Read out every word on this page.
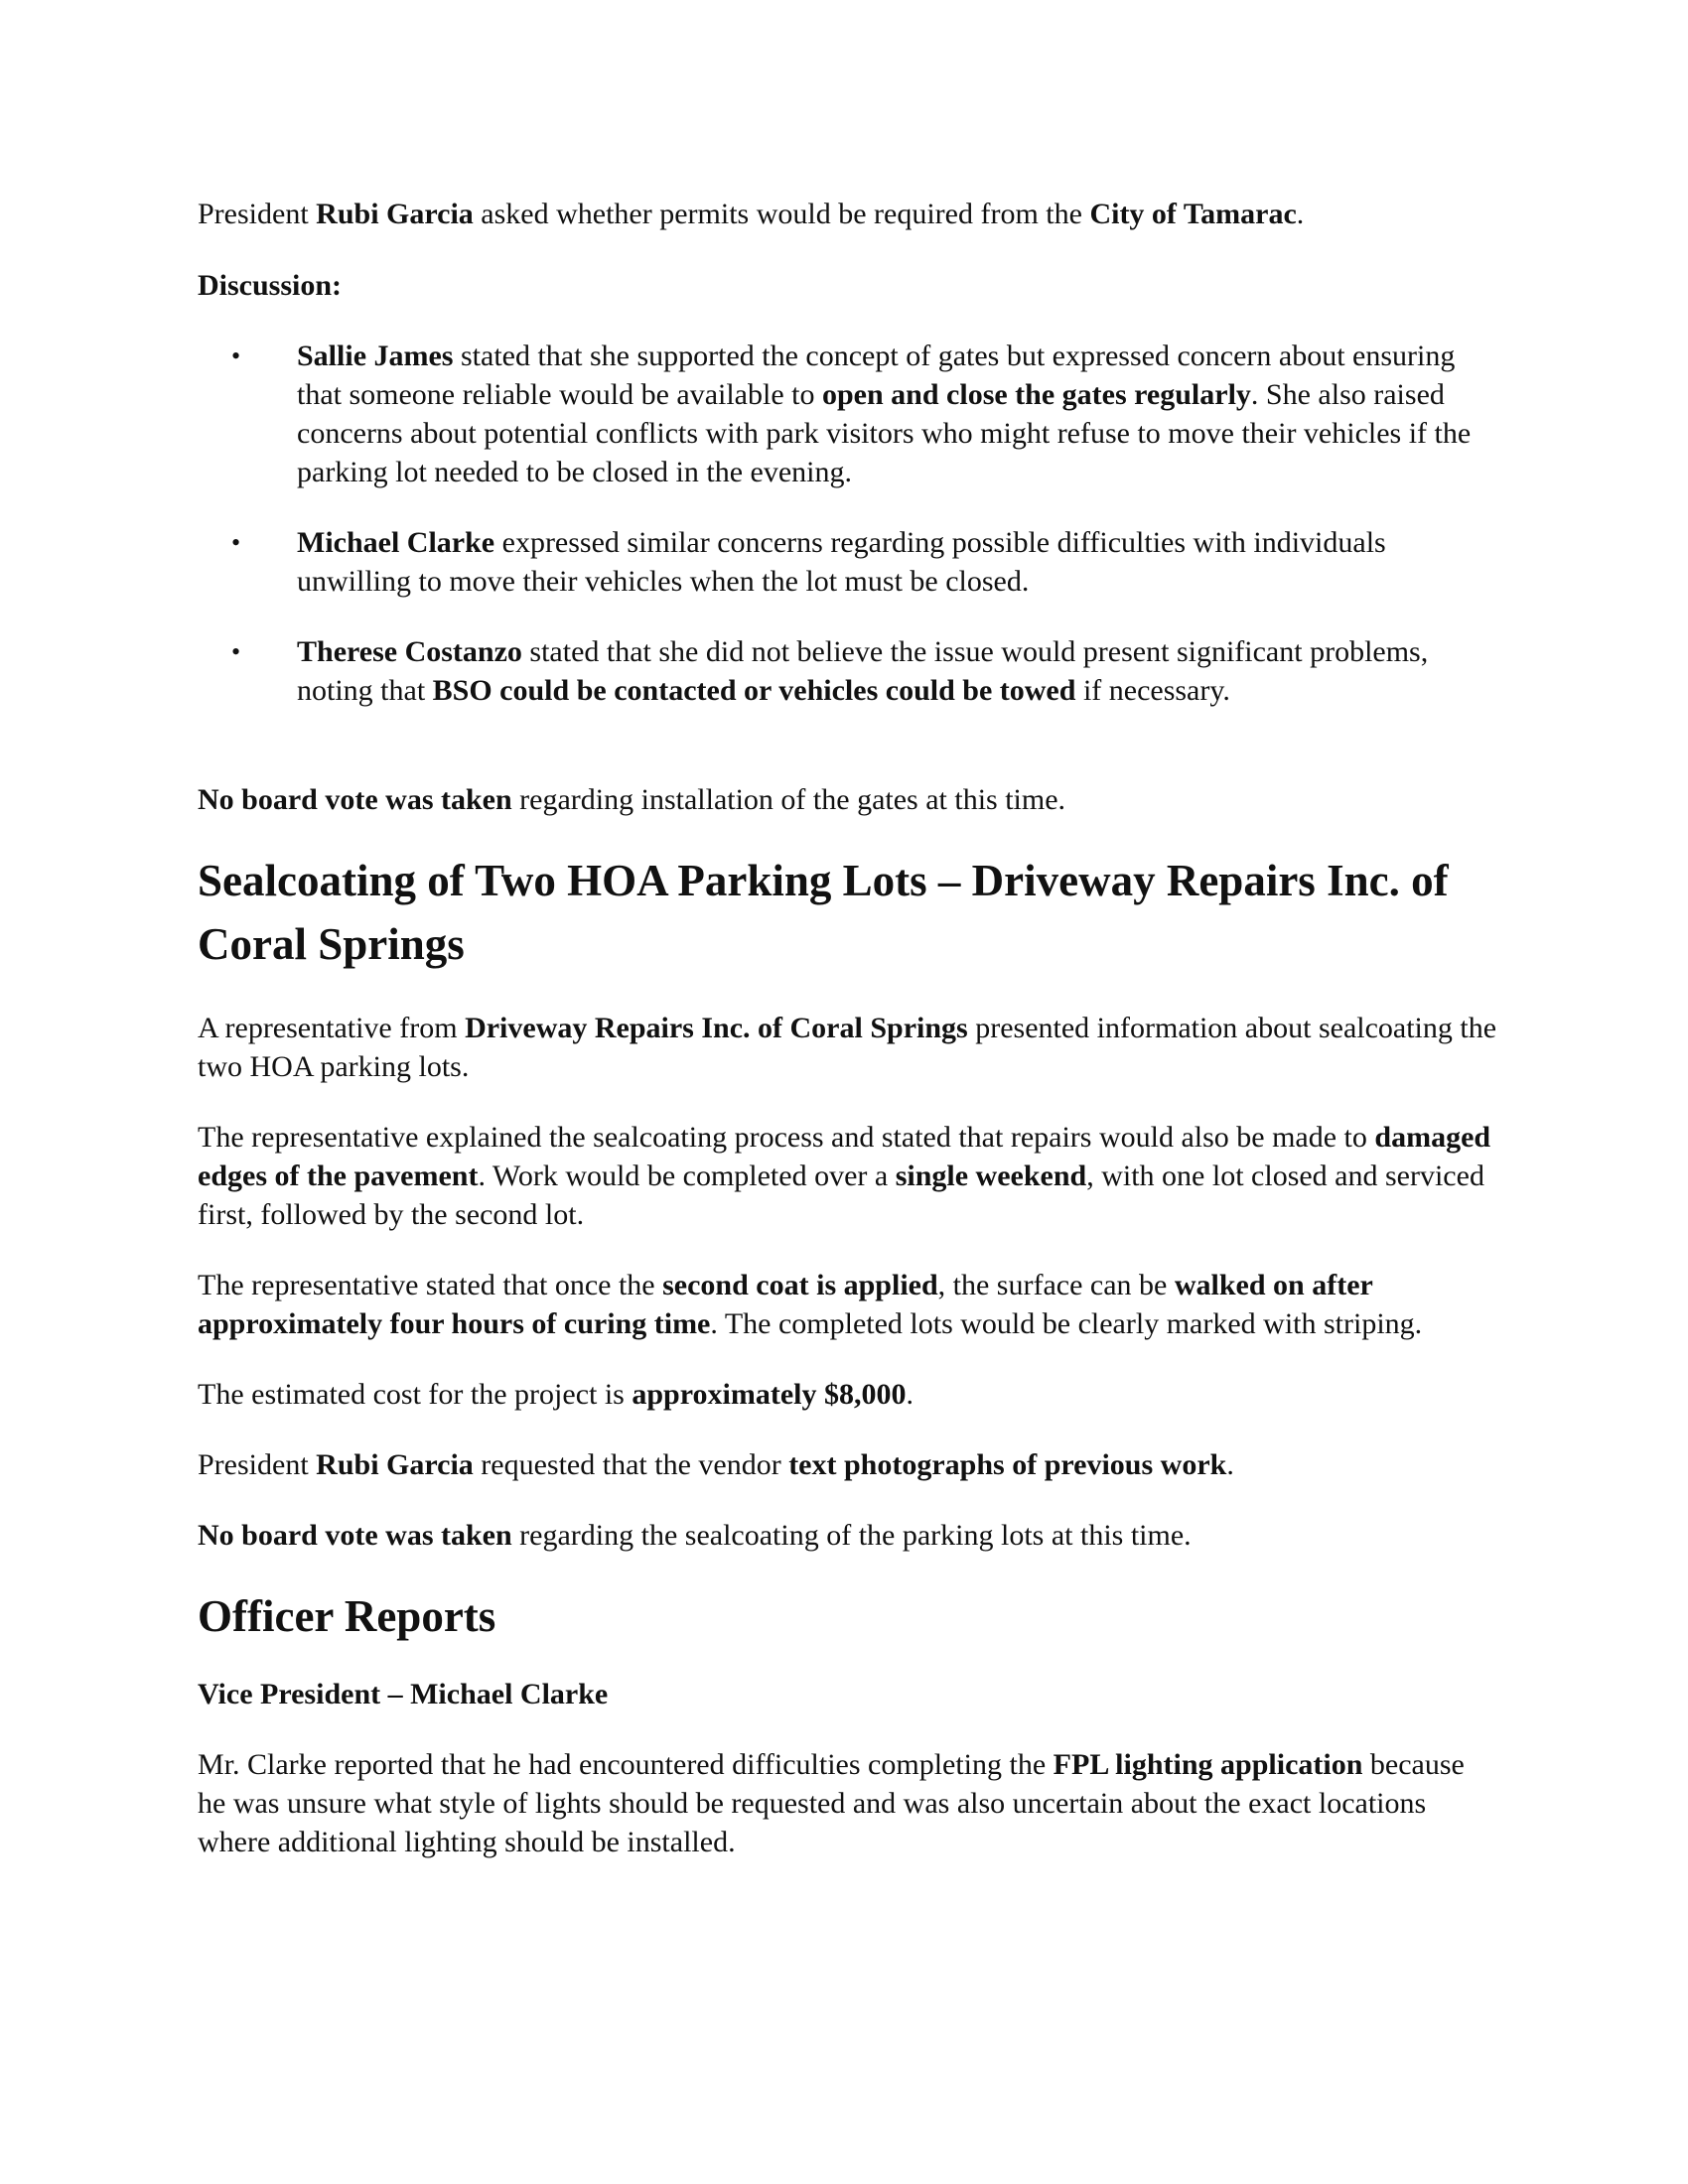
President Rubi Garcia asked whether permits would be required from the City of Tamarac.

Discussion:

• Sallie James stated that she supported the concept of gates but expressed concern about ensuring that someone reliable would be available to open and close the gates regularly. She also raised concerns about potential conflicts with park visitors who might refuse to move their vehicles if the parking lot needed to be closed in the evening.
• Michael Clarke expressed similar concerns regarding possible difficulties with individuals unwilling to move their vehicles when the lot must be closed.
• Therese Costanzo stated that she did not believe the issue would present significant problems, noting that BSO could be contacted or vehicles could be towed if necessary.

No board vote was taken regarding installation of the gates at this time.

Sealcoating of Two HOA Parking Lots – Driveway Repairs Inc. of Coral Springs

A representative from Driveway Repairs Inc. of Coral Springs presented information about sealcoating the two HOA parking lots.

The representative explained the sealcoating process and stated that repairs would also be made to damaged edges of the pavement. Work would be completed over a single weekend, with one lot closed and serviced first, followed by the second lot.

The representative stated that once the second coat is applied, the surface can be walked on after approximately four hours of curing time. The completed lots would be clearly marked with striping.

The estimated cost for the project is approximately $8,000.

President Rubi Garcia requested that the vendor text photographs of previous work.

No board vote was taken regarding the sealcoating of the parking lots at this time.

Officer Reports

Vice President – Michael Clarke

Mr. Clarke reported that he had encountered difficulties completing the FPL lighting application because he was unsure what style of lights should be requested and was also uncertain about the exact locations where additional lighting should be installed.
